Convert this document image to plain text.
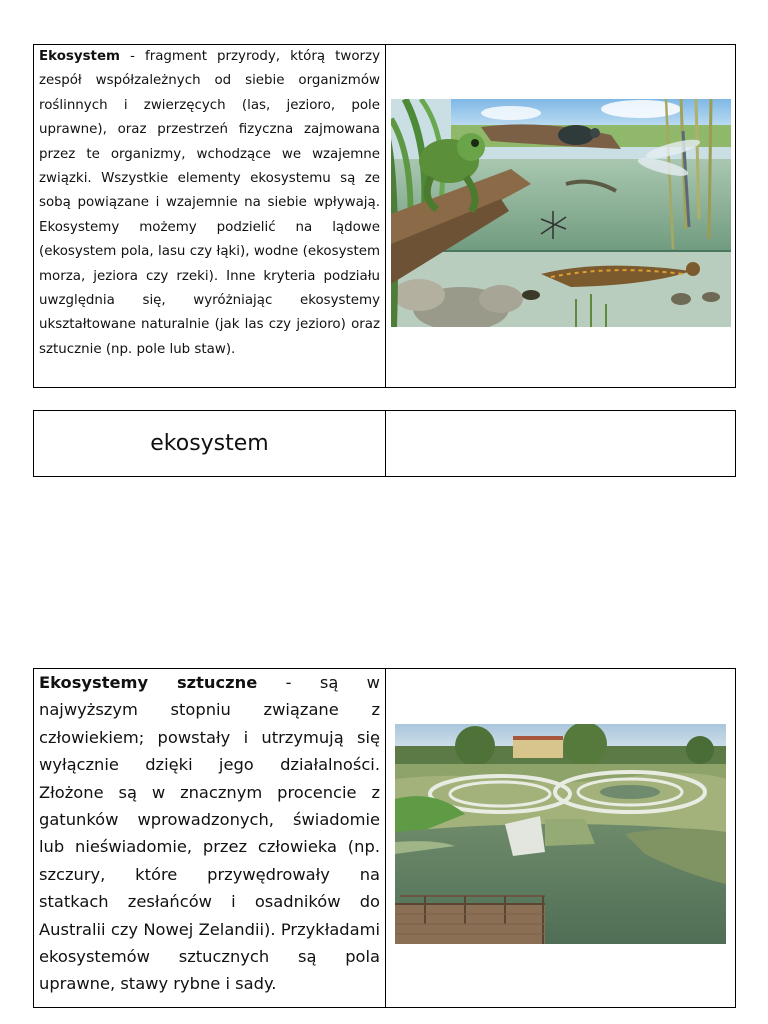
Ekosystem - fragment przyrody, którą tworzy zespół współzależnych od siebie organizmów roślinnych i zwierzęcych (las, jezioro, pole uprawne), oraz przestrzeń fizyczna zajmowana przez te organizmy, wchodzące we wzajemne związki. Wszystkie elementy ekosystemu są ze sobą powiązane i wzajemnie na siebie wpływają. Ekosystemy możemy podzielić na lądowe (ekosystem pola, lasu czy łąki), wodne (ekosystem morza, jeziora czy rzeki). Inne kryteria podziału uwzględnia się, wyróżniając ekosystemy ukształtowane naturalnie (jak las czy jezioro) oraz sztucznie (np. pole lub staw).
ekosystem
Ekosystemy sztuczne - są w najwyższym stopniu związane z człowiekiem; powstały i utrzymują się wyłącznie dzięki jego działalności. Złożone są w znacznym procencie z gatunków wprowadzonych, świadomie lub nieświadomie, przez człowieka (np. szczury, które przywędrowały na statkach zesłańców i osadników do Australii czy Nowej Zelandii). Przykładami ekosystemów sztucznych są pola uprawne, stawy rybne i sady.
